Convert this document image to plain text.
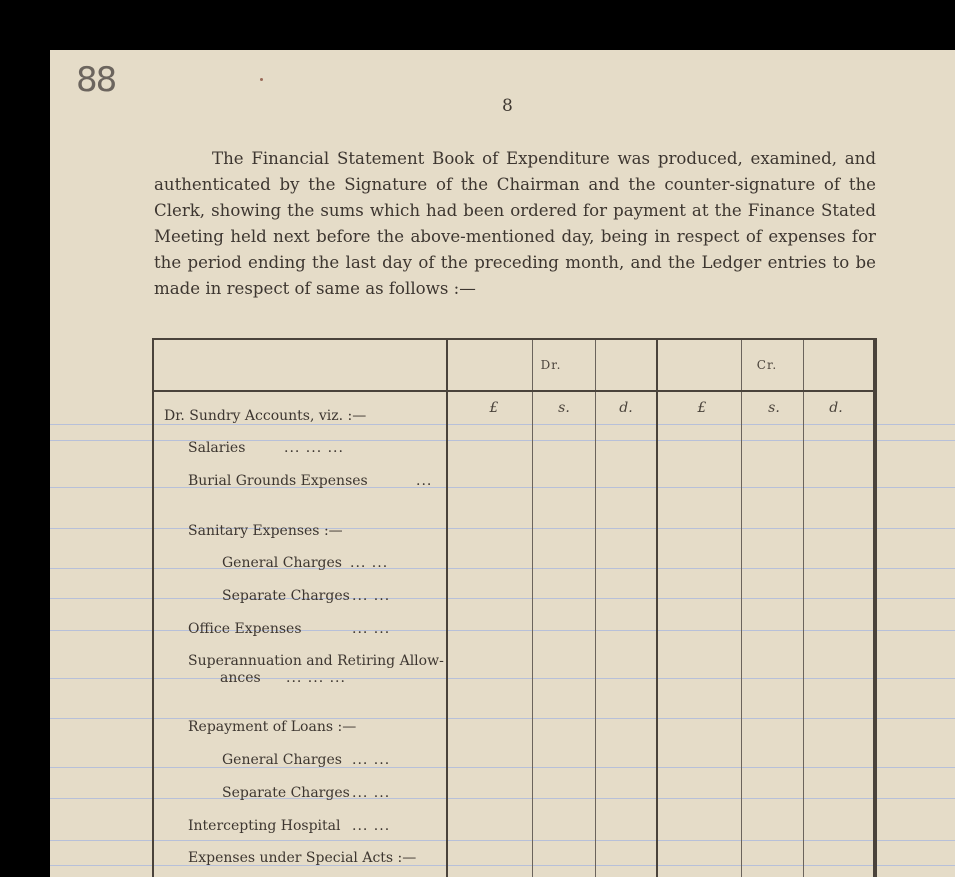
88
8
The Financial Statement Book of Expenditure was produced, examined, and
authenticated by the Signature of the Chairman and the counter-signature of the
Clerk, showing the sums which had been ordered for payment at the Finance Stated
Meeting held next before the above-mentioned day, being in respect of expenses for
the period ending the last day of the preceding month, and the Ledger entries to be
made in respect of same as follows :—
Dr.	Cr.
£	s.	d.	£	s.	d.
Dr. Sundry Accounts, viz. :—
Salaries	... ... ...
Burial Grounds Expenses	...
Sanitary Expenses :—
General Charges ... ...
Separate Charges ... ...
Office Expenses	... ...
Superannuation and Retiring Allow-
ances ... ... ...
Repayment of Loans :—
General Charges ... ...
Separate Charges ... ...
Intercepting Hospital ... ...
Expenses under Special Acts :—
